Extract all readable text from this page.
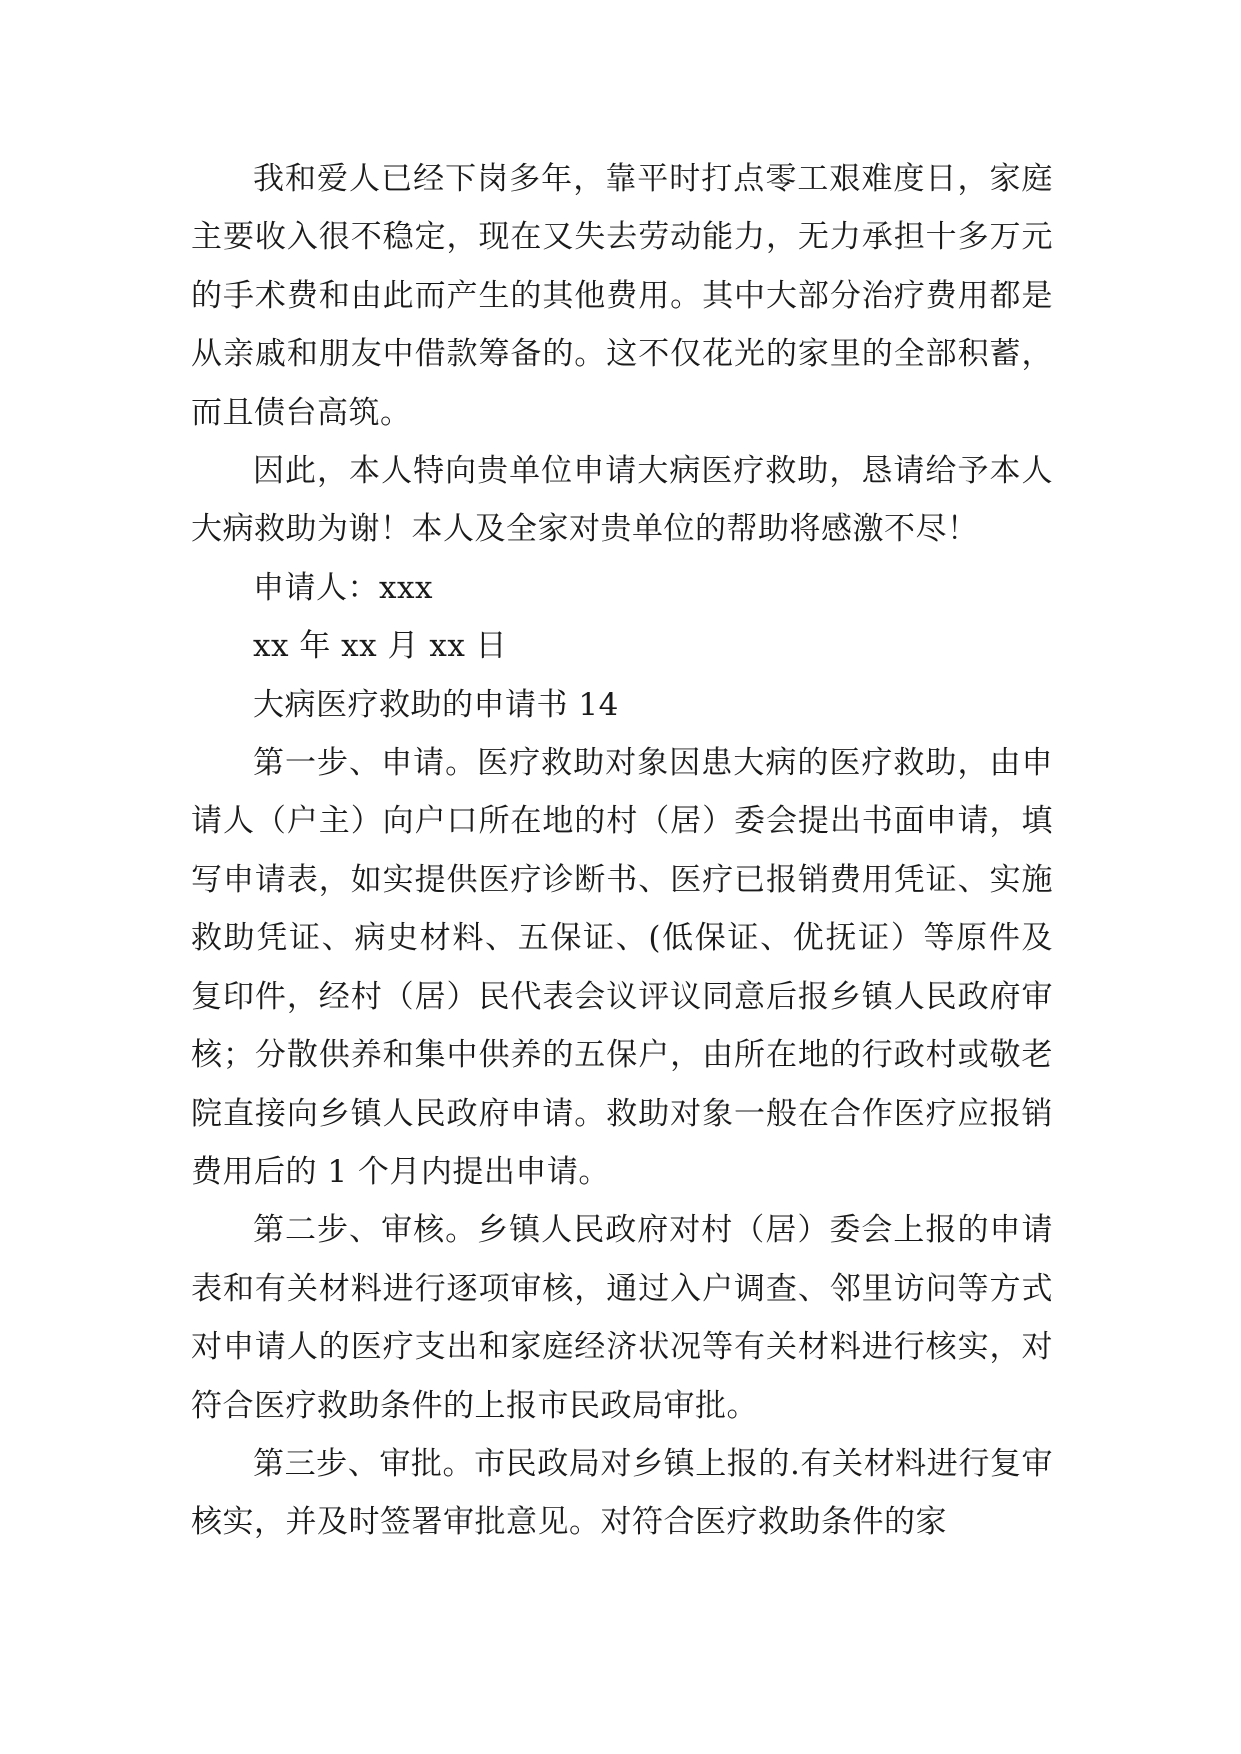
我和爱人已经下岗多年，靠平时打点零工艰难度日，家庭主要收入很不稳定，现在又失去劳动能力，无力承担十多万元的手术费和由此而产生的其他费用。其中大部分治疗费用都是从亲戚和朋友中借款筹备的。这不仅花光的家里的全部积蓄，而且债台高筑。

因此，本人特向贵单位申请大病医疗救助，恳请给予本人大病救助为谢！本人及全家对贵单位的帮助将感激不尽！

申请人：xxx

xx 年 xx 月 xx 日

大病医疗救助的申请书 14

第一步、申请。医疗救助对象因患大病的医疗救助，由申请人（户主）向户口所在地的村（居）委会提出书面申请，填写申请表，如实提供医疗诊断书、医疗已报销费用凭证、实施救助凭证、病史材料、五保证、(低保证、优抚证）等原件及复印件，经村（居）民代表会议评议同意后报乡镇人民政府审核；分散供养和集中供养的五保户，由所在地的行政村或敬老院直接向乡镇人民政府申请。救助对象一般在合作医疗应报销费用后的 1 个月内提出申请。

第二步、审核。乡镇人民政府对村（居）委会上报的申请表和有关材料进行逐项审核，通过入户调查、邻里访问等方式对申请人的医疗支出和家庭经济状况等有关材料进行核实，对符合医疗救助条件的上报市民政局审批。

第三步、审批。市民政局对乡镇上报的.有关材料进行复审核实，并及时签署审批意见。对符合医疗救助条件的家
